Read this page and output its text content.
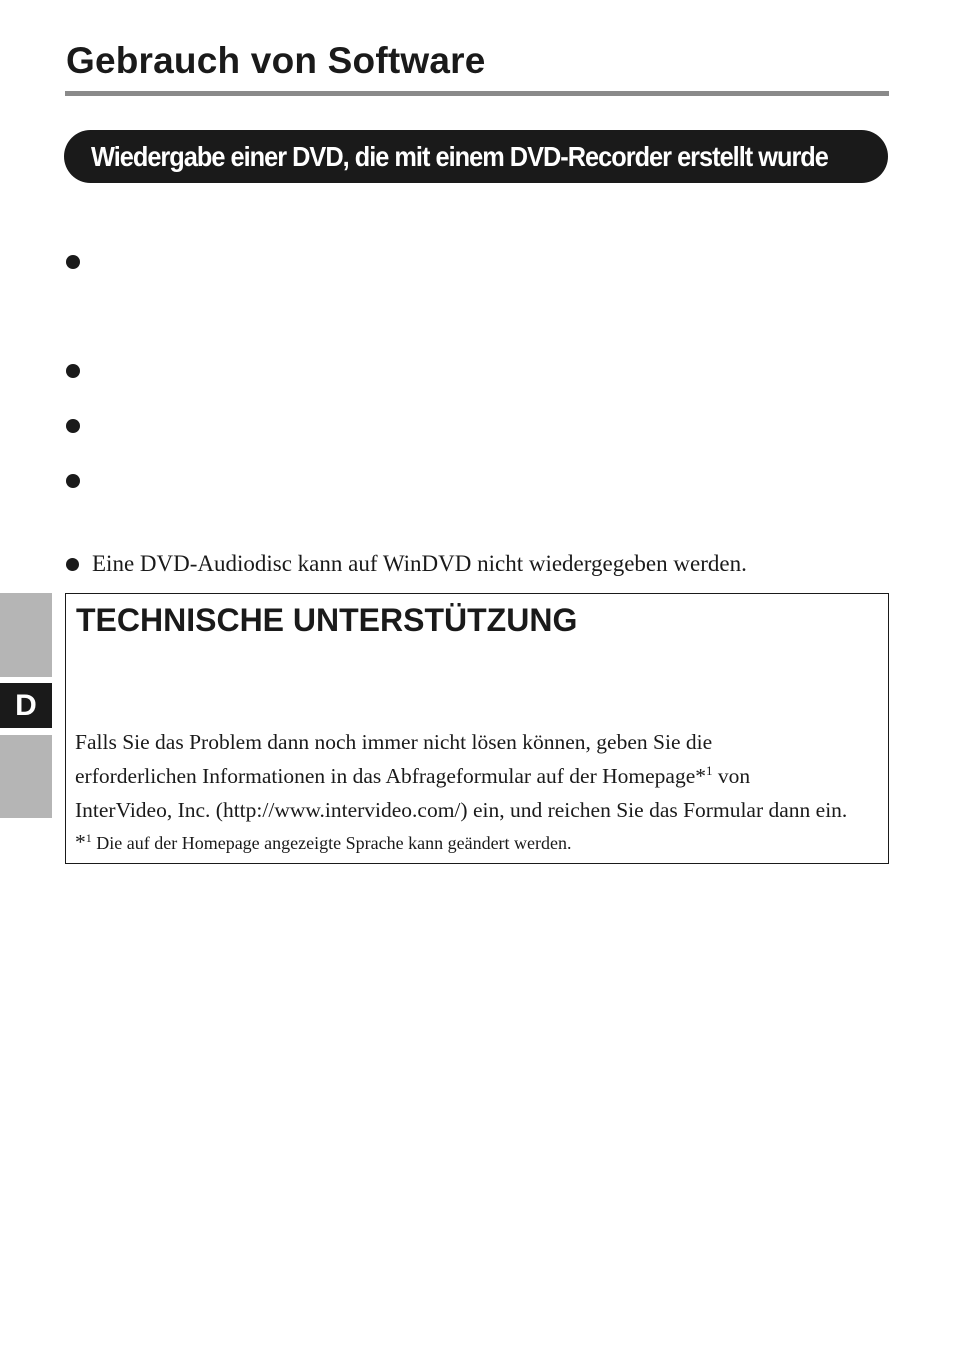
Gebrauch von Software
Wiedergabe einer DVD, die mit einem DVD-Recorder erstellt wurde
Eine DVD-Audiodisc kann auf WinDVD nicht wiedergegeben werden.
D
TECHNISCHE UNTERSTÜTZUNG
Falls Sie das Problem dann noch immer nicht lösen können, geben Sie die
erforderlichen Informationen in das Abfrageformular auf der Homepage*$^1$ von
InterVideo, Inc. (http://www.intervideo.com/) ein, und reichen Sie das Formular dann ein.
*$^1$ Die auf der Homepage angezeigte Sprache kann geändert werden.
